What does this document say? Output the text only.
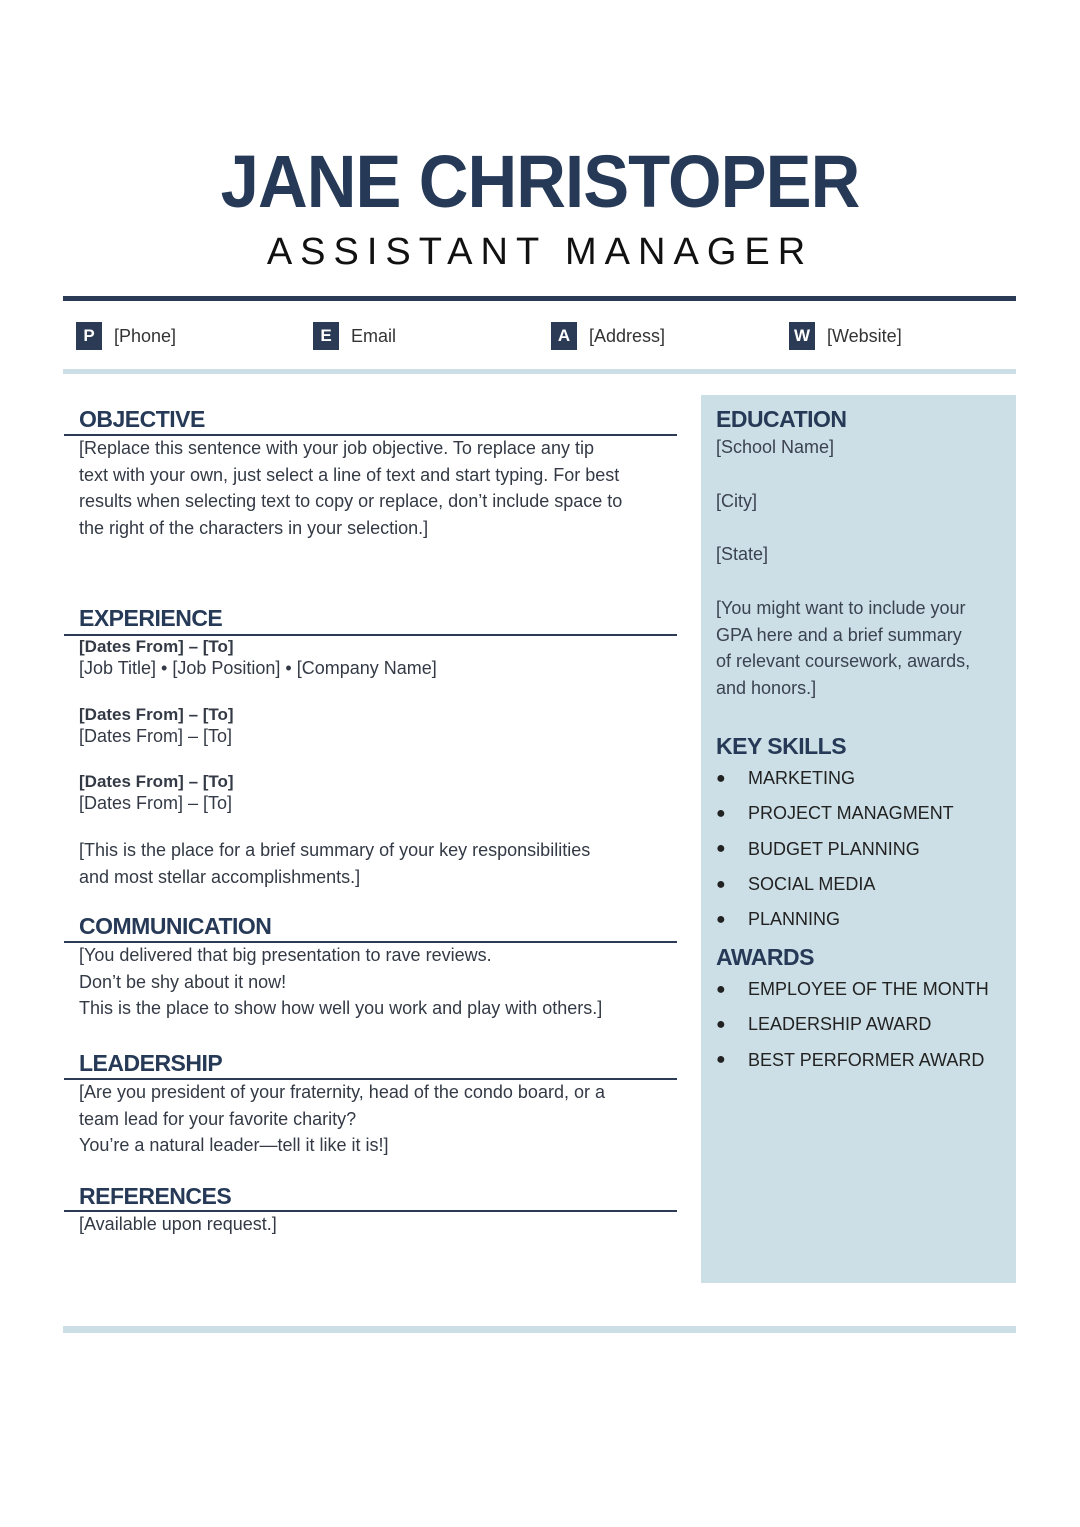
JANE CHRISTOPER
ASSISTANT MANAGER
P	[Phone]	E	Email	A	[Address]	W [Website]
OBJECTIVE
[Replace this sentence with your job objective. To replace any tip
text with your own, just select a line of text and start typing. For best
results when selecting text to copy or replace, don’t include space to
the right of the characters in your selection.]
EXPERIENCE
[Dates From] – [To]
[Job Title] • [Job Position] • [Company Name]
[Dates From] – [To]
[Dates From] – [To]
[Dates From] – [To]
[Dates From] – [To]
[This is the place for a brief summary of your key responsibilities
and most stellar accomplishments.]
COMMUNICATION
[You delivered that big presentation to rave reviews.
Don’t be shy about it now!
This is the place to show how well you work and play with others.]
LEADERSHIP
[Are you president of your fraternity, head of the condo board, or a
team lead for your favorite charity?
You’re a natural leader—tell it like it is!]
REFERENCES
[Available upon request.]
EDUCATION
[School Name]
[City]
[State]
[You might want to include your
GPA here and a brief summary
of relevant coursework, awards,
and honors.]
KEY SKILLS
●	MARKETING
●	PROJECT MANAGMENT
●	BUDGET PLANNING
●	SOCIAL MEDIA
●	PLANNING
AWARDS
●	EMPLOYEE OF THE MONTH
●	LEADERSHIP AWARD
●	BEST PERFORMER AWARD
